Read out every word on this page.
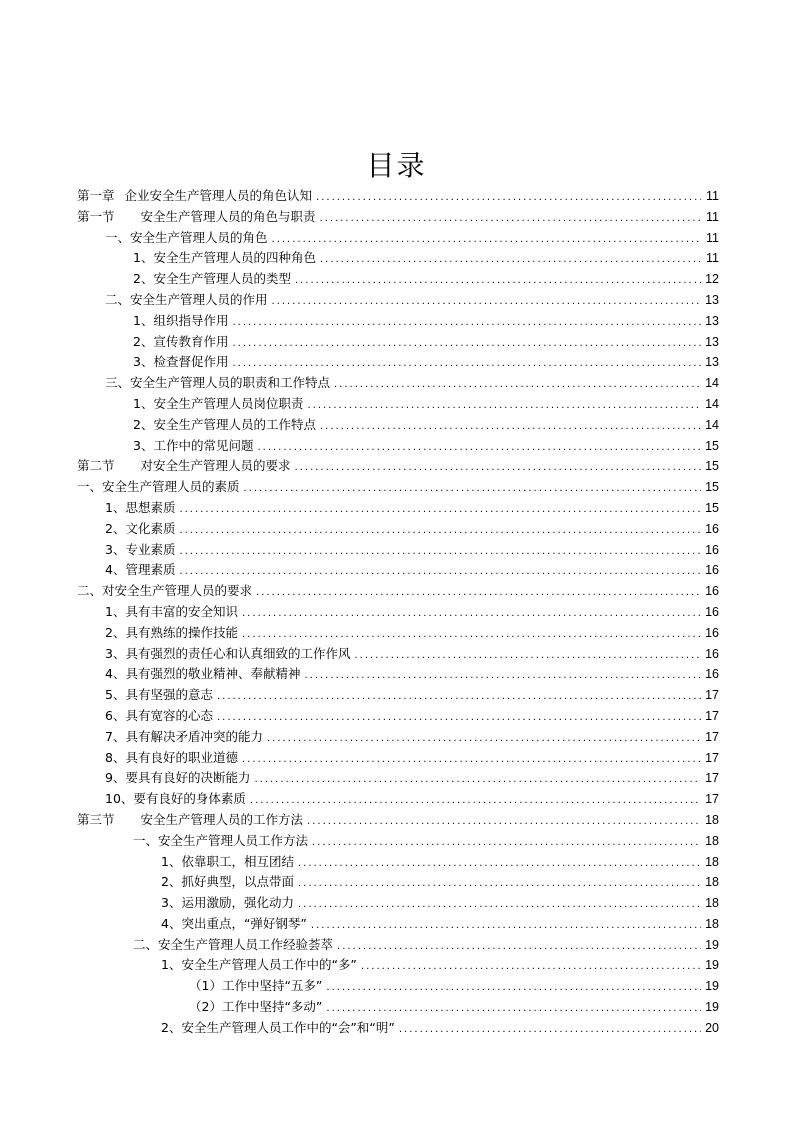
目录
第一章 企业安全生产管理人员的角色认知 .....	11
第一节 安全生产管理人员的角色与职责 .....	11
一、安全生产管理人员的角色 .....	11
1、安全生产管理人员的四种角色 .....	11
2、安全生产管理人员的类型 .....	12
二、安全生产管理人员的作用 .....	13
1、组织指导作用 .....	13
2、宣传教育作用 .....	13
3、检查督促作用 .....	13
三、安全生产管理人员的职责和工作特点 .....	14
1、安全生产管理人员岗位职责 .....	14
2、安全生产管理人员的工作特点 .....	14
3、工作中的常见问题 .....	15
第二节 对安全生产管理人员的要求 .....	15
一、安全生产管理人员的素质 .....	15
1、思想素质 .....	15
2、文化素质 .....	16
3、专业素质 .....	16
4、管理素质 .....	16
二、对安全生产管理人员的要求 .....	16
1、具有丰富的安全知识 .....	16
2、具有熟练的操作技能 .....	16
3、具有强烈的责任心和认真细致的工作作风 .....	16
4、具有强烈的敬业精神、奉献精神 .....	16
5、具有坚强的意志 .....	17
6、具有宽容的心态 .....	17
7、具有解决矛盾冲突的能力 .....	17
8、具有良好的职业道德 .....	17
9、要具有良好的决断能力 .....	17
10、要有良好的身体素质 .....	17
第三节 安全生产管理人员的工作方法 .....	18
一、安全生产管理人员工作方法 .....	18
1、依靠职工，相互团结 .....	18
2、抓好典型，以点带面 .....	18
3、运用激励，强化动力 .....	18
4、突出重点，“弹好钢琴” .....	18
二、安全生产管理人员工作经验荟萃 .....	19
1、安全生产管理人员工作中的“多” .....	19
（1）工作中坚持“五多” .....	19
（2）工作中坚持“多动” .....	19
2、安全生产管理人员工作中的“会”和“明” .....	20
